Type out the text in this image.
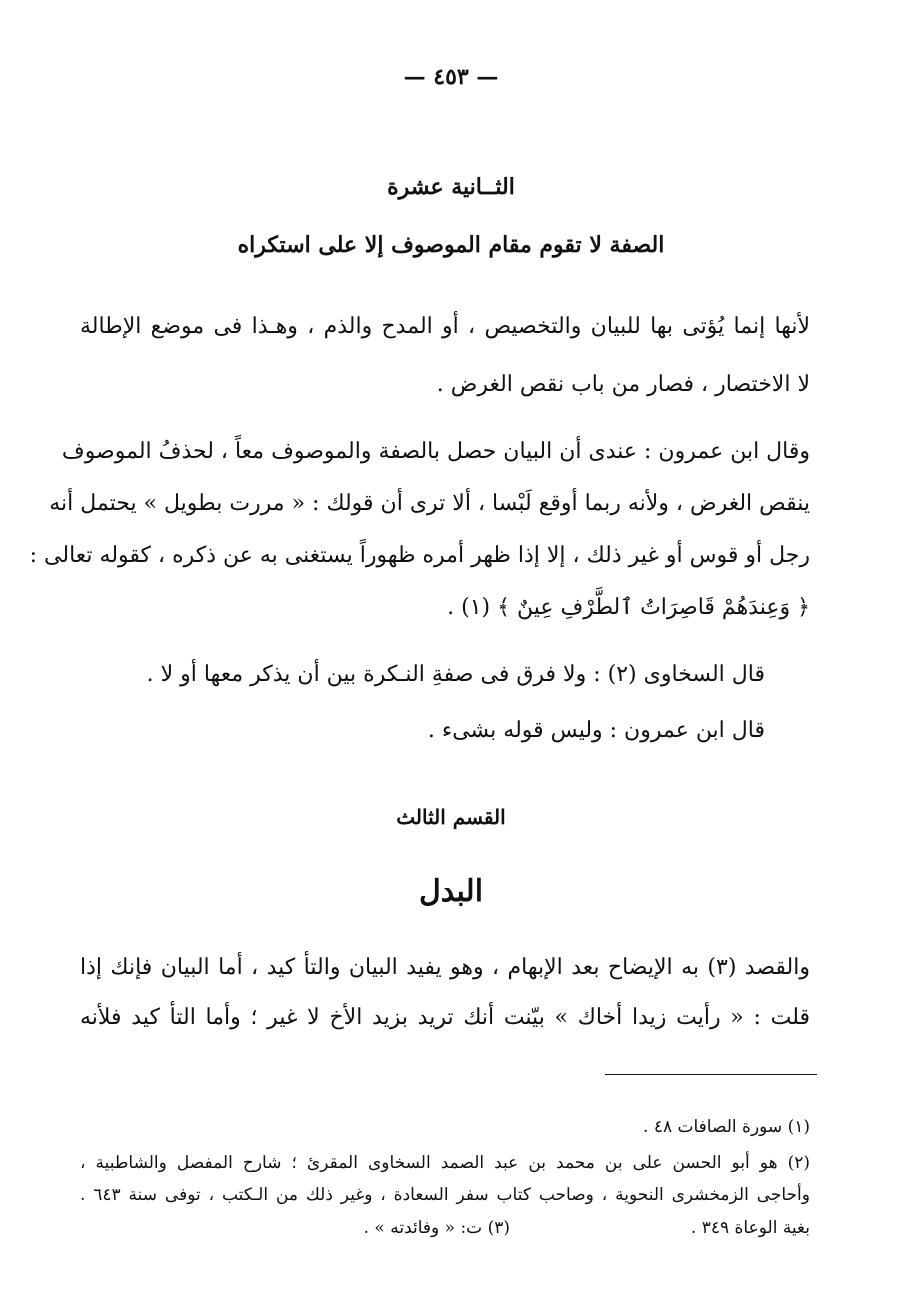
— ٤٥٣ —
الثــانية عشرة
الصفة لا تقوم مقام الموصوف إلا على استكراه
لأنها إنما يُؤتى بها للبيان والتخصيص ، أو المدح والذم ، وهـذا فى موضع الإطالة
لا الاختصار ، فصار من باب نقص الغرض .
وقال ابن عمرون : عندى أن البيان حصل بالصفة والموصوف معاً ، لحذفُ الموصوف
ينقص الغرض ، ولأنه ربما أوقع لَبْسا ، ألا ترى أن قولك : « مررت بطويل » يحتمل أنه
رجل أو قوس أو غير ذلك ، إلا إذا ظهر أمره ظهوراً يستغنى به عن ذكره ، كقوله تعالى :
﴿ وَعِندَهُمْ قَاصِرَاتُ ٱلطَّرْفِ عِينٌ ﴾ (١) .
قال السخاوى (٢) : ولا فرق فى صفةِ النـكرة بين أن يذكر معها أو لا .
قال ابن عمرون : وليس قوله بشىء .
القسم الثالث
البدل
والقصد (٣) به الإيضاح بعد الإبهام ، وهو يفيد البيان والتأ كيد ، أما البيان فإنك إذا
قلت : « رأيت زيدا أخاك » بيّنت أنك تريد بزيد الأخ لا غير ؛ وأما التأ كيد فلأنه
(١) سورة الصافات ٤٨ .
(٢) هو أبو الحسن على بن محمد بن عبد الصمد السخاوى المقرئ ؛ شارح المفصل والشاطبية ،
وأحاجى الزمخشرى النحوية ، وصاحب كتاب سفر السعادة ، وغير ذلك من الـكتب ، توفى سنة ٦٤٣ .
بغية الوعاة ٣٤٩ .
(٣) ت: « وفائدته » .
